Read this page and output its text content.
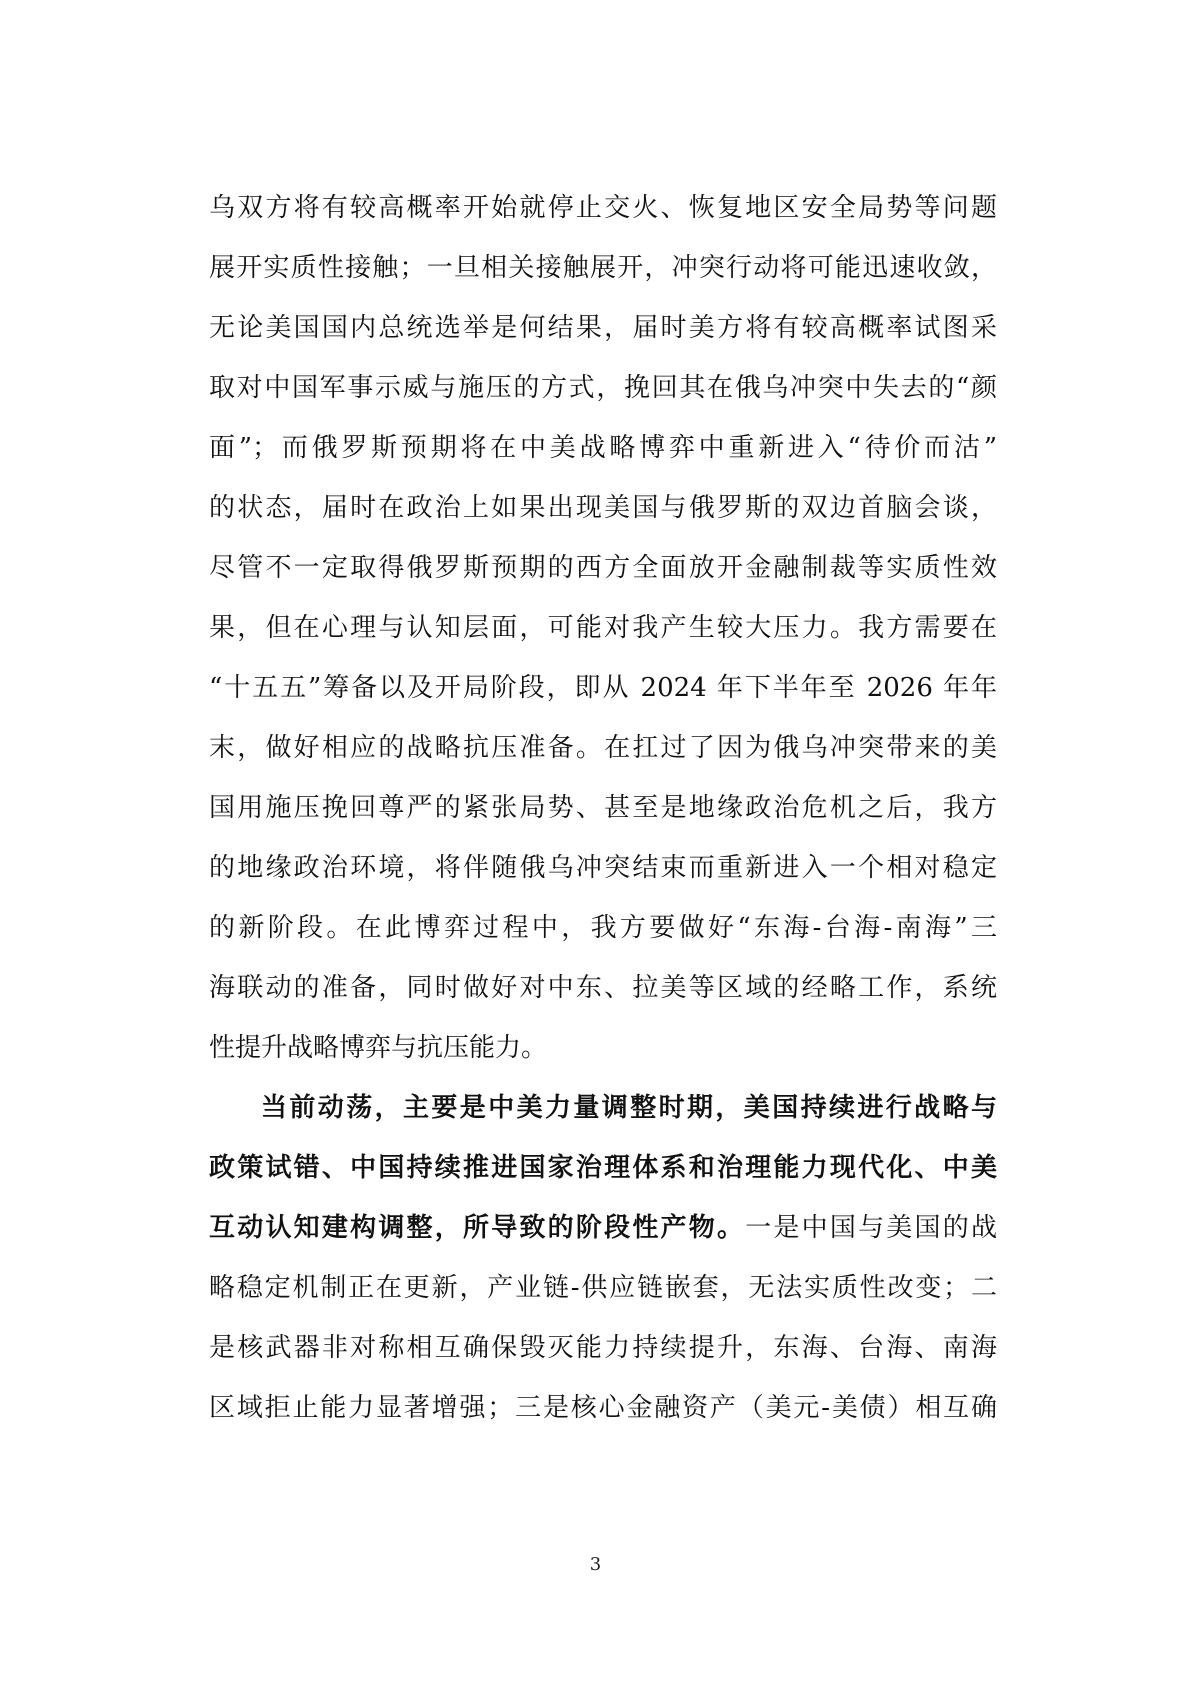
乌双方将有较高概率开始就停止交火、恢复地区安全局势等问题
展开实质性接触；一旦相关接触展开，冲突行动将可能迅速收敛，
无论美国国内总统选举是何结果，届时美方将有较高概率试图采
取对中国军事示威与施压的方式，挽回其在俄乌冲突中失去的“颜
面”；而俄罗斯预期将在中美战略博弈中重新进入“待价而沽”
的状态，届时在政治上如果出现美国与俄罗斯的双边首脑会谈，
尽管不一定取得俄罗斯预期的西方全面放开金融制裁等实质性效
果，但在心理与认知层面，可能对我产生较大压力。我方需要在
“十五五”筹备以及开局阶段，即从 2024 年下半年至 2026 年年
末，做好相应的战略抗压准备。在扛过了因为俄乌冲突带来的美
国用施压挽回尊严的紧张局势、甚至是地缘政治危机之后，我方
的地缘政治环境，将伴随俄乌冲突结束而重新进入一个相对稳定
的新阶段。在此博弈过程中，我方要做好“东海-台海-南海”三
海联动的准备，同时做好对中东、拉美等区域的经略工作，系统
性提升战略博弈与抗压能力。
当前动荡，主要是中美力量调整时期，美国持续进行战略与
政策试错、中国持续推进国家治理体系和治理能力现代化、中美
互动认知建构调整，所导致的阶段性产物。一是中国与美国的战
略稳定机制正在更新，产业链-供应链嵌套，无法实质性改变；二
是核武器非对称相互确保毁灭能力持续提升，东海、台海、南海
区域拒止能力显著增强；三是核心金融资产（美元-美债）相互确
3
